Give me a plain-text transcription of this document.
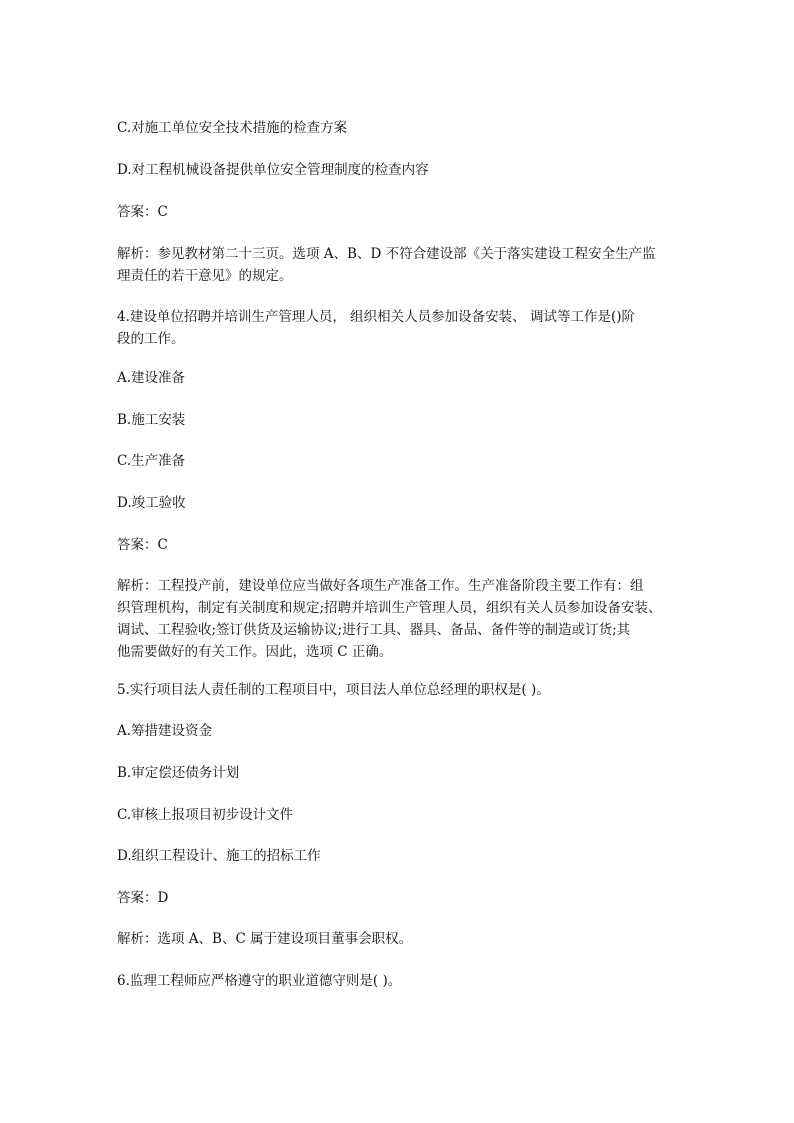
C.对施工单位安全技术措施的检查方案

D.对工程机械设备提供单位安全管理制度的检查内容

答案：C

解析：参见教材第二十三页。选项 A、B、D 不符合建设部《关于落实建设工程安全生产监
理责任的若干意见》的规定。
4.建设单位招聘并培训生产管理人员， 组织相关人员参加设备安装、 调试等工作是()阶
段的工作。

A.建设准备

B.施工安装

C.生产准备

D.竣工验收

答案：C

解析：工程投产前，建设单位应当做好各项生产准备工作。生产准备阶段主要工作有：组
织管理机构，制定有关制度和规定;招聘并培训生产管理人员，组织有关人员参加设备安装、
调试、工程验收;签订供货及运输协议;进行工具、器具、备品、备件等的制造或订货;其
他需要做好的有关工作。因此，选项 C 正确。

5.实行项目法人责任制的工程项目中，项目法人单位总经理的职权是( )。

A.筹措建设资金

B.审定偿还债务计划

C.审核上报项目初步设计文件

D.组织工程设计、施工的招标工作

答案：D

解析：选项 A、B、C 属于建设项目董事会职权。

6.监理工程师应严格遵守的职业道德守则是( )。
